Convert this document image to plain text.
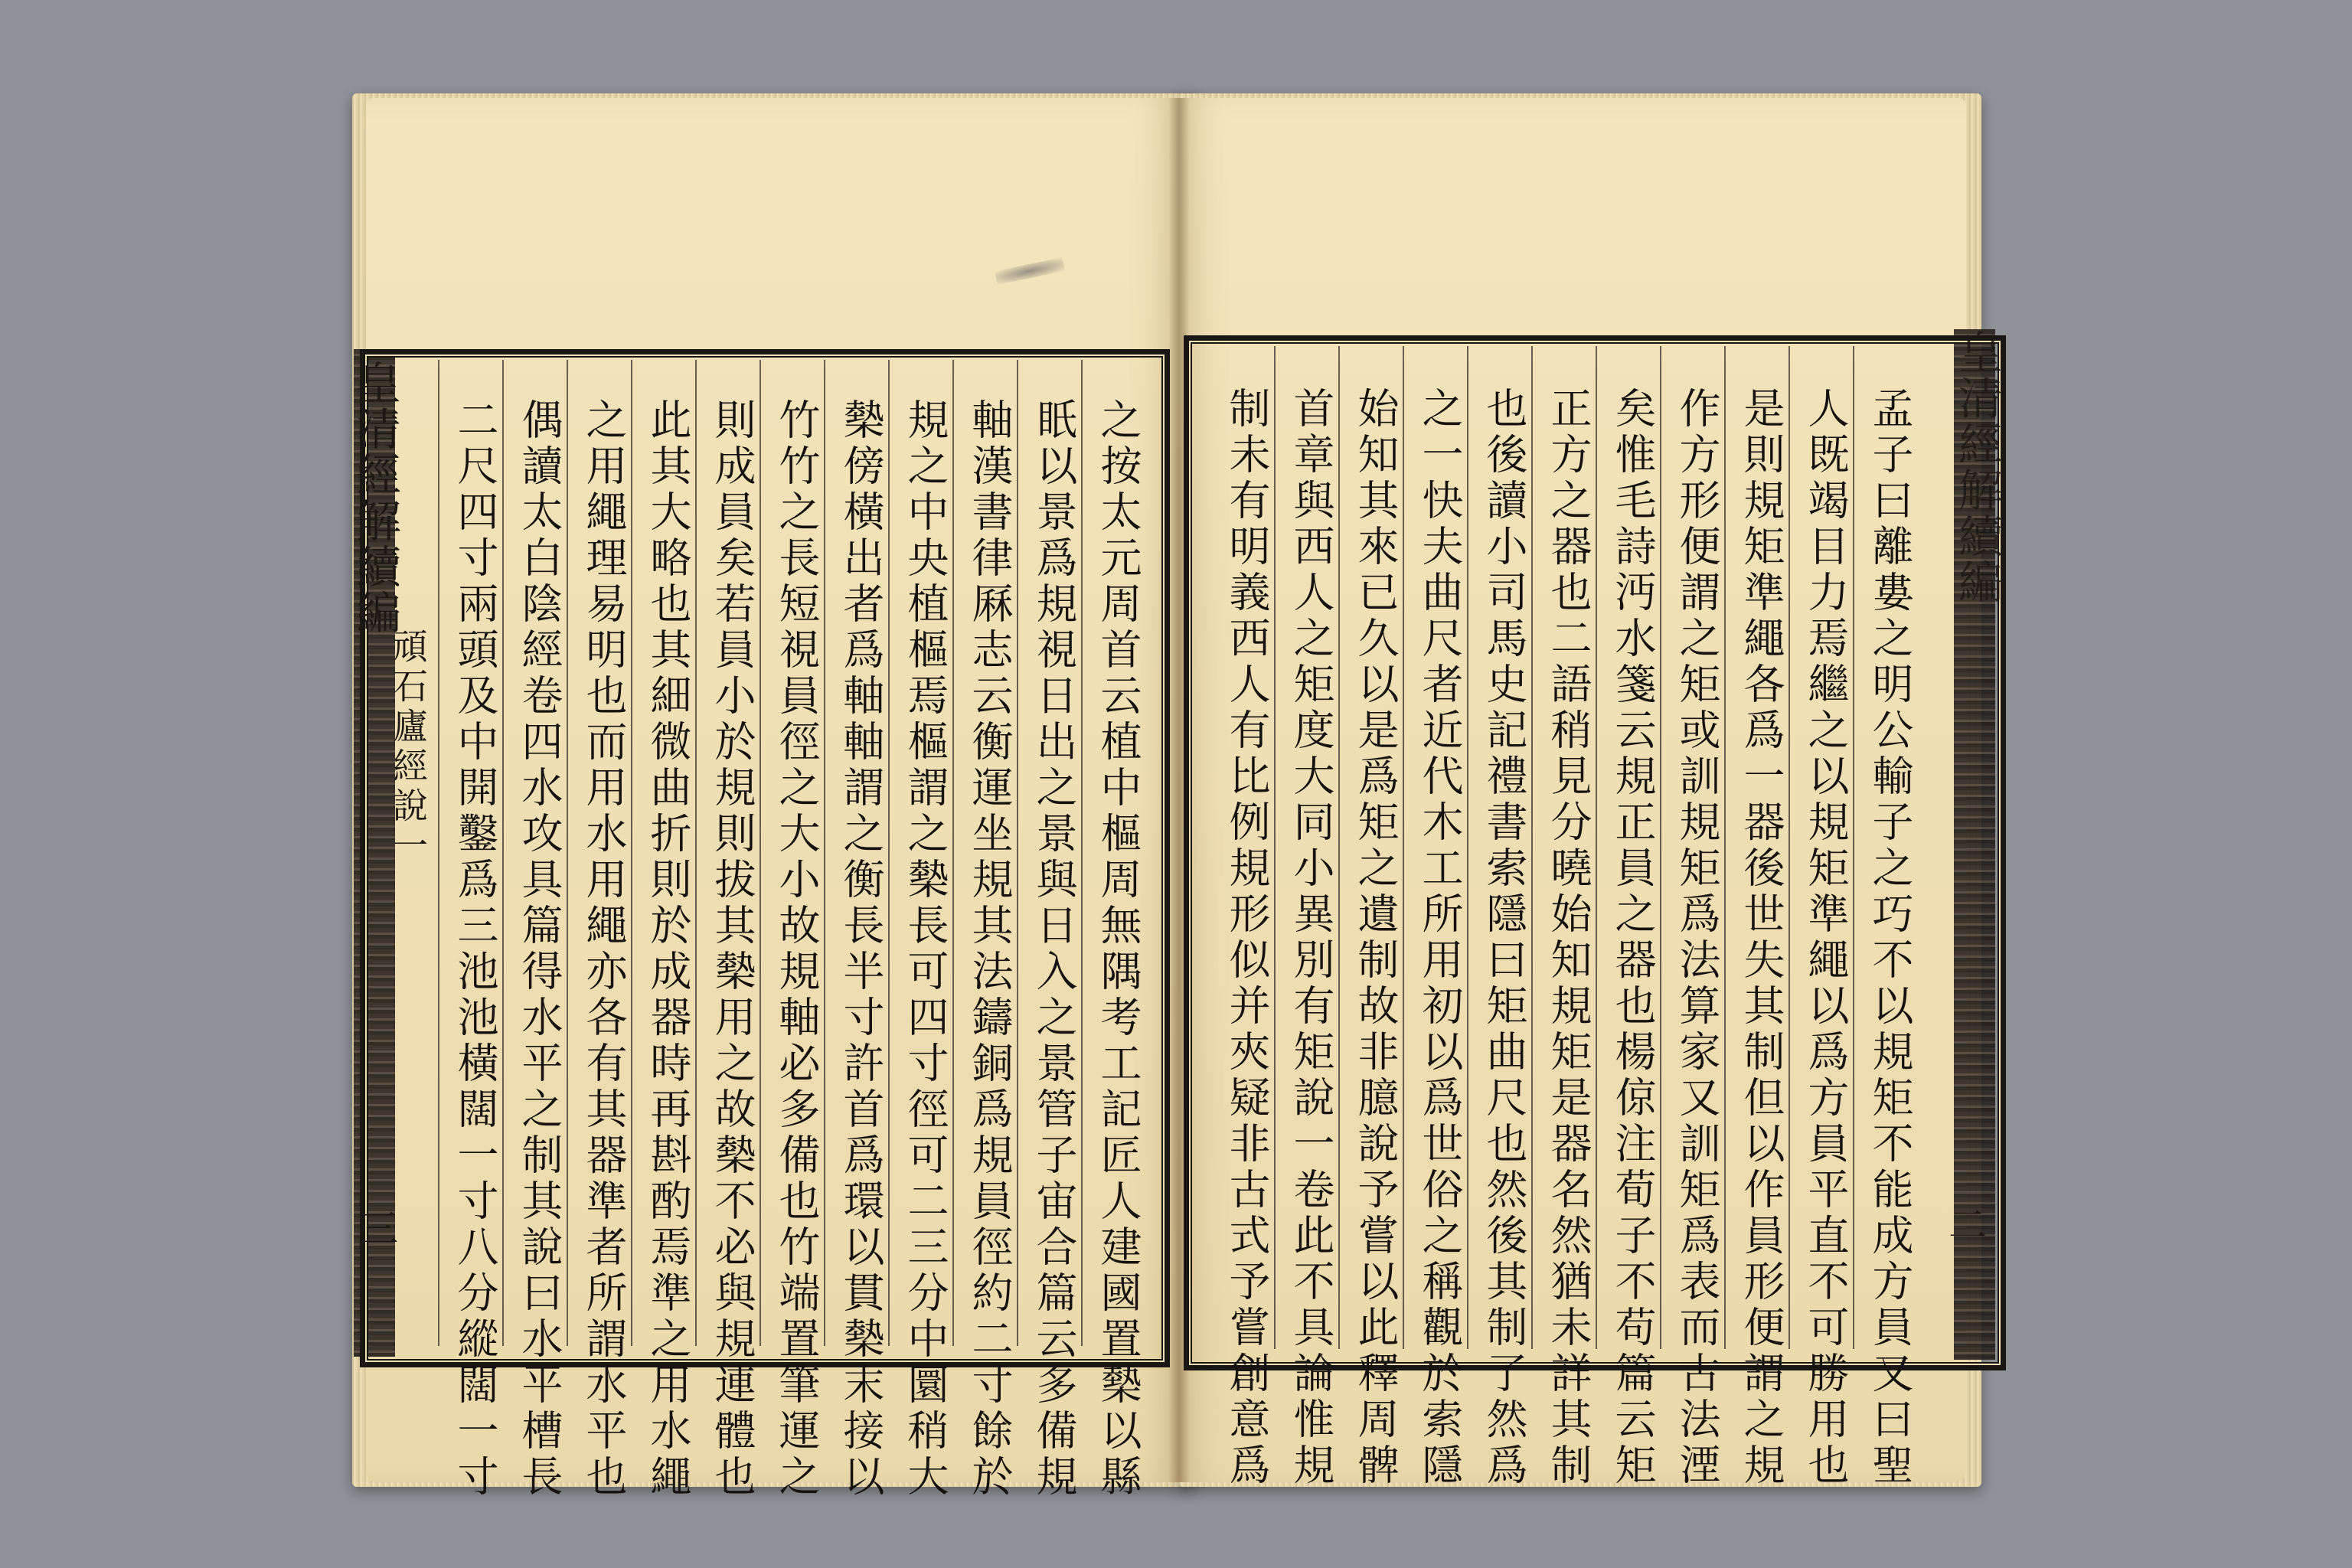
皇清經解續編
頑石廬經說一
三	之按太元周首云植中樞周無隅考工記匠人建國置槷以縣
眂以景爲規視日出之景與日入之景管子宙合篇云多備規
軸漢書律厤志云衡運坐規其法鑄銅爲規員徑約二寸餘於
規之中央植樞焉樞謂之槷長可四寸徑可二三分中圜稍大
槷傍橫出者爲軸軸謂之衡長半寸許首爲環以貫槷末接以
竹竹之長短視員徑之大小故規軸必多備也竹端置筆運之
則成員矣若員小於規則拔其槷用之故槷不必與規連體也
此其大略也其細微曲折則於成器時再斟酌焉準之用水繩
之用繩理易明也而用水用繩亦各有其器準者所謂水平也
偶讀太白陰經卷四水攻具篇得水平之制其說曰水平槽長
二尺四寸兩頭及中開鑿爲三池池橫闊一寸八分縱闊一寸	孟子曰離婁之明公輸子之巧不以規矩不能成方員又曰聖
人既竭目力焉繼之以規矩準繩以爲方員平直不可勝用也
是則規矩準繩各爲一器後世失其制但以作員形便謂之規
作方形便謂之矩或訓規矩爲法算家又訓矩爲表而古法湮
矣惟毛詩沔水箋云規正員之器也楊倞注荀子不苟篇云矩
正方之器也二語稍見分曉始知規矩是器名然猶未詳其制
也後讀小司馬史記禮書索隱曰矩曲尺也然後其制了然爲
之一快夫曲尺者近代木工所用初以爲世俗之稱觀於索隱
始知其來已久以是爲矩之遺制故非臆說予嘗以此釋周髀
首章與西人之矩度大同小異別有矩說一卷此不具論惟規
制未有明義西人有比例規形似并夾疑非古式予嘗創意爲	皇清經解續編
二
